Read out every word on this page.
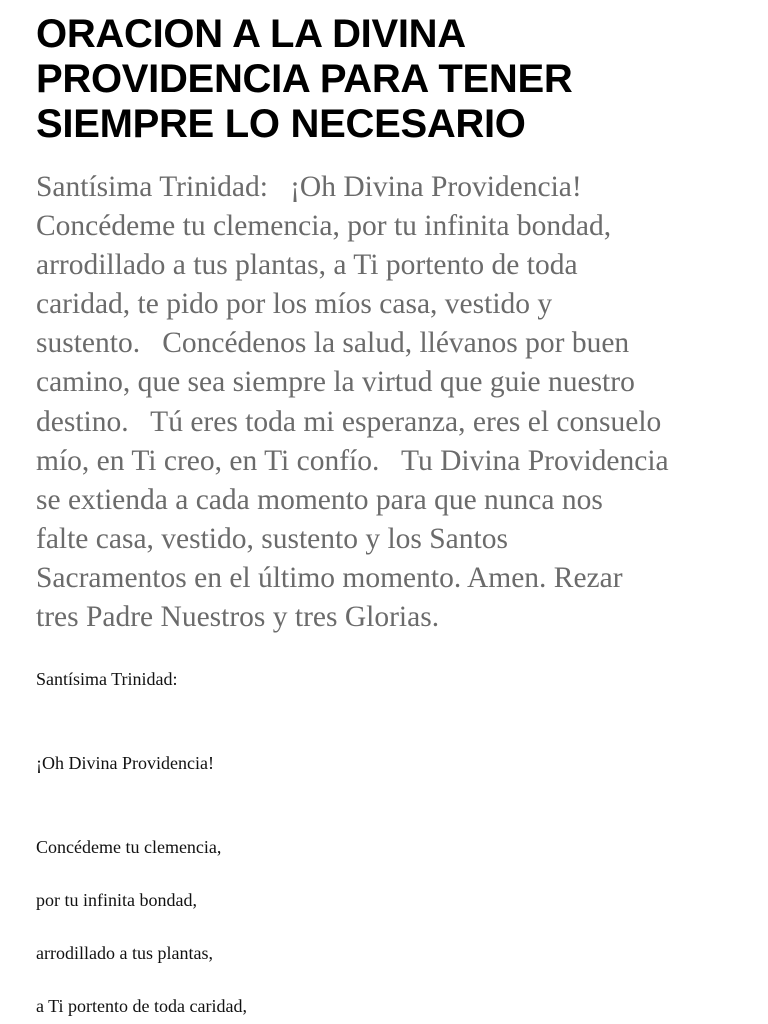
ORACION A LA DIVINA
PROVIDENCIA PARA TENER
SIEMPRE LO NECESARIO

Santísima Trinidad:   ¡Oh Divina Providencia!
Concédeme tu clemencia, por tu infinita bondad,
arrodillado a tus plantas, a Ti portento de toda
caridad, te pido por los míos casa, vestido y
sustento.   Concédenos la salud, llévanos por buen
camino, que sea siempre la virtud que guie nuestro
destino.   Tú eres toda mi esperanza, eres el consuelo
mío, en Ti creo, en Ti confío.   Tu Divina Providencia
se extienda a cada momento para que nunca nos
falte casa, vestido, sustento y los Santos
Sacramentos en el último momento. Amen. Rezar
tres Padre Nuestros y tres Glorias.

Santísima Trinidad:

¡Oh Divina Providencia!

Concédeme tu clemencia,

por tu infinita bondad,

arrodillado a tus plantas,

a Ti portento de toda caridad,
